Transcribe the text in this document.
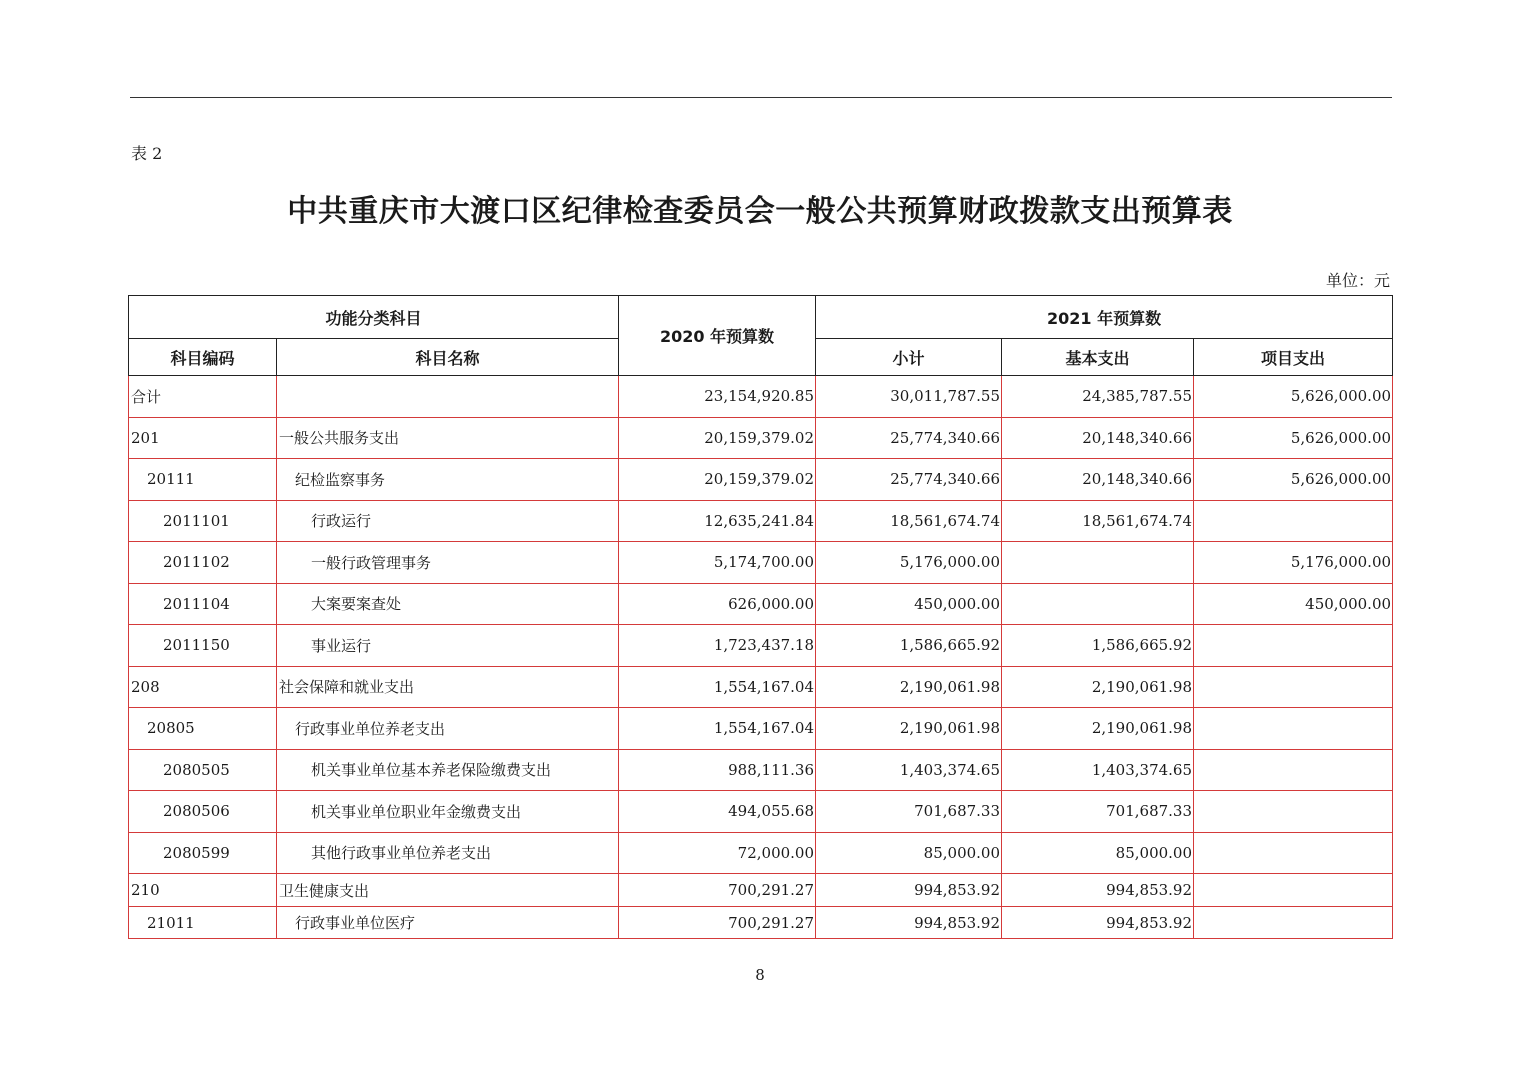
表 2
中共重庆市大渡口区纪律检查委员会一般公共预算财政拨款支出预算表
单位：元
功能分类科目		2020 年预算数	2021 年预算数		
科目编码	科目名称		小计	基本支出	项目支出
合计		23,154,920.85	30,011,787.55	24,385,787.55	5,626,000.00
201	一般公共服务支出	20,159,379.02	25,774,340.66	20,148,340.66	5,626,000.00
20111	纪检监察事务	20,159,379.02	25,774,340.66	20,148,340.66	5,626,000.00
2011101	行政运行	12,635,241.84	18,561,674.74	18,561,674.74	
2011102	一般行政管理事务	5,174,700.00	5,176,000.00		5,176,000.00
2011104	大案要案查处	626,000.00	450,000.00		450,000.00
2011150	事业运行	1,723,437.18	1,586,665.92	1,586,665.92	
208	社会保障和就业支出	1,554,167.04	2,190,061.98	2,190,061.98	
20805	行政事业单位养老支出	1,554,167.04	2,190,061.98	2,190,061.98	
2080505	机关事业单位基本养老保险缴费支出	988,111.36	1,403,374.65	1,403,374.65	
2080506	机关事业单位职业年金缴费支出	494,055.68	701,687.33	701,687.33	
2080599	其他行政事业单位养老支出	72,000.00	85,000.00	85,000.00	
210	卫生健康支出	700,291.27	994,853.92	994,853.92	
21011	行政事业单位医疗	700,291.27	994,853.92	994,853.92	
8
